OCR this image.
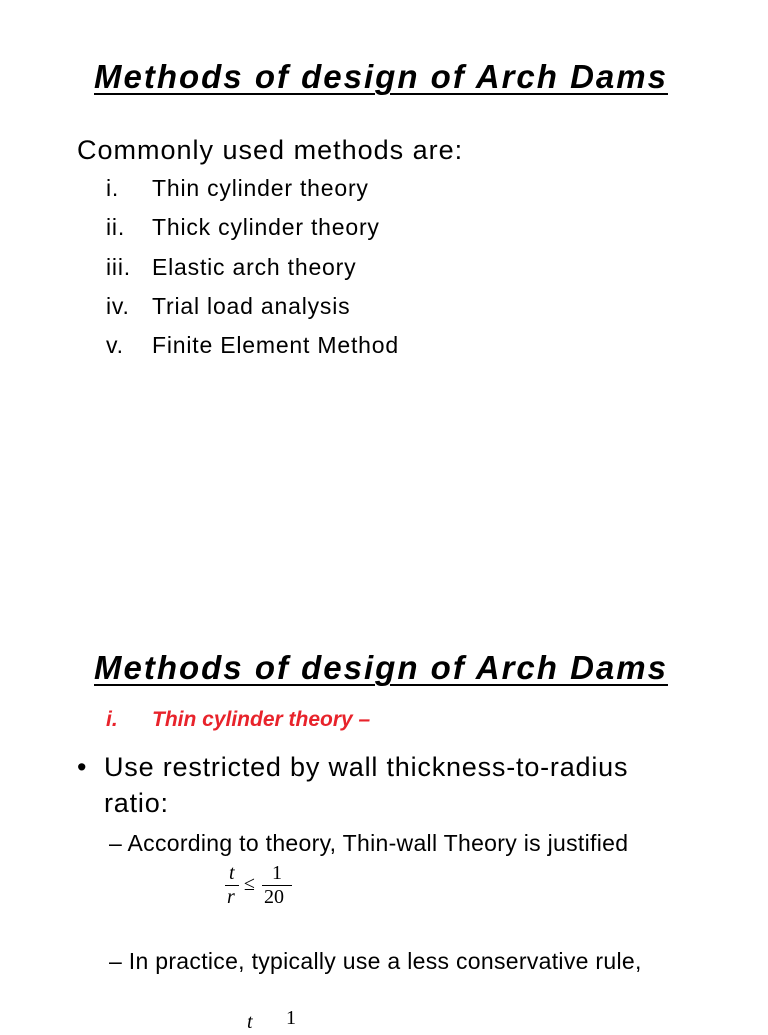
Methods of design of Arch Dams
Commonly used methods are:
i.	Thin cylinder theory
ii.	Thick cylinder theory
iii. Elastic arch theory
iv. Trial load analysis
v.	Finite Element Method
Methods of design of Arch Dams
i.	Thin cylinder theory –
• Use restricted by wall thickness-to-radius ratio:
– According to theory, Thin-wall Theory is justified
t
r
≤ 1
20
– In practice, typically use a less conservative rule,
t 1
